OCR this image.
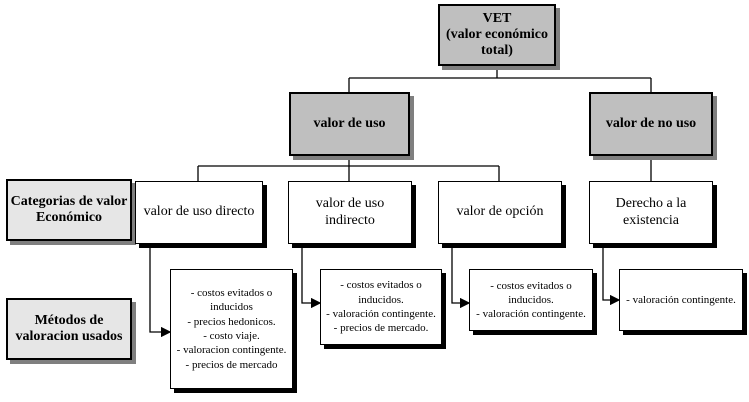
VET
(valor económico
total)
valor de uso	valor de no uso
Categorias de valor
Económico
Métodos de
valoracion usados
valor de uso directo
valor de uso
indirecto
valor de opción
Derecho a la
existencia
- costos evitados o inducidos
- precios hedonicos.
- costo viaje.
- valoracion contingente.
- precios de mercado
- costos evitados o inducidos.
- valoración contingente.
- precios de mercado.
- costos evitados o inducidos.
- valoración contingente.
- valoración contingente.
